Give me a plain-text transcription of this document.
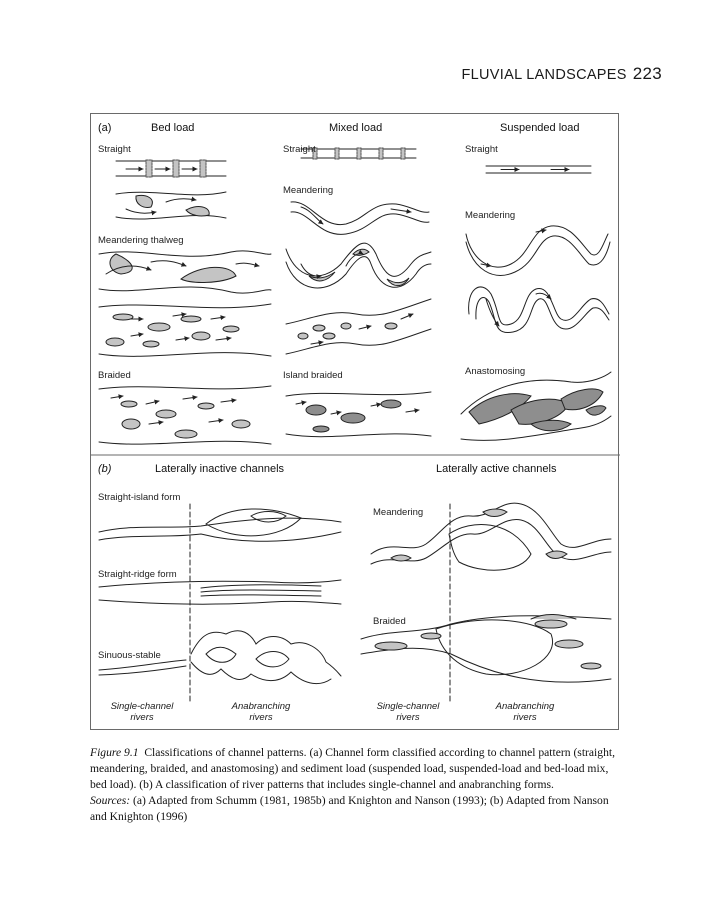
FLUVIAL LANDSCAPES 223
(a)	Bed load	Mixed load	Suspended load
Straight
Meandering thalweg
Braided
Straight
Meandering
Island braided
Straight
Meandering
Anastomosing
(b)	Laterally inactive channels	Laterally active channels
Straight-island form
Straight-ridge form
Sinuous-stable
Meandering
Braided
Single-channel
rivers
Anabranching
rivers
Single-channel
rivers
Anabranching
rivers
Figure 9.1 Classifications of channel patterns. (a) Channel form classified according to channel pattern (straight, meandering, braided, and anastomosing) and sediment load (suspended load, suspended-load and bed-load mix, bed load). (b) A classification of river patterns that includes single-channel and anabranching forms.
Sources: (a) Adapted from Schumm (1981, 1985b) and Knighton and Nanson (1993); (b) Adapted from Nanson and Knighton (1996)
